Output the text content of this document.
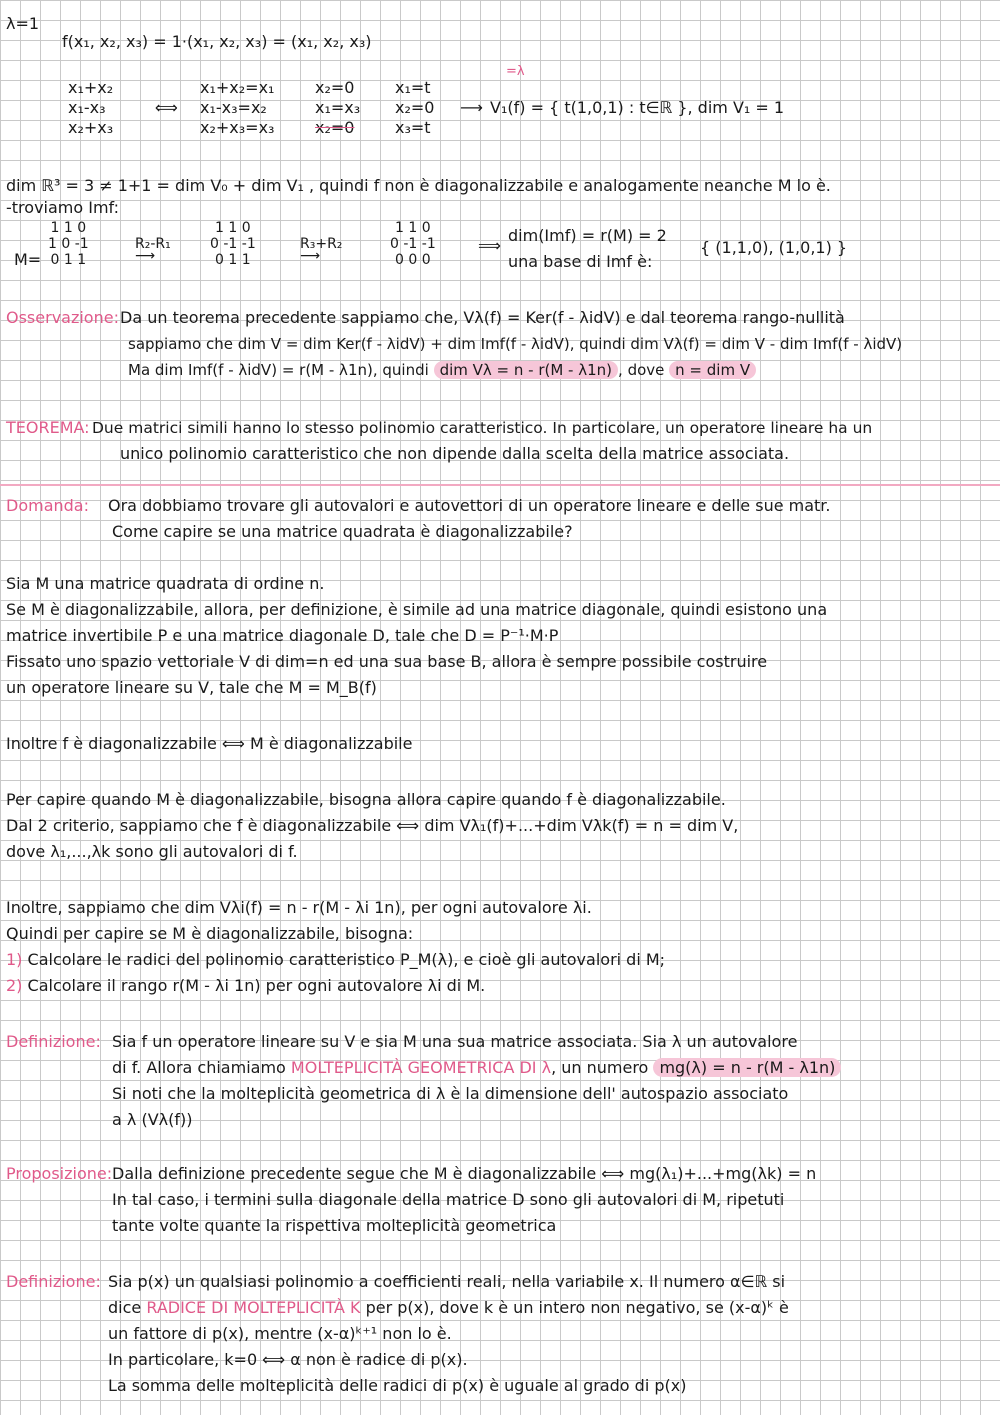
λ=1
f(x₁, x₂, x₃) = 1·(x₁, x₂, x₃) = (x₁, x₂, x₃)
x₁+x₂
x₁-x₃
x₂+x₃
⟺
x₁+x₂=x₁
x₁-x₃=x₂
x₂+x₃=x₃
x₂=0
x₁=x₃
x₂=0
x₁=t
x₂=0
x₃=t
⟶
=λ
V₁(f) = { t(1,0,1) : t∈ℝ }, dim V₁ = 1
dim ℝ³ = 3 ≠ 1+1 = dim V₀ + dim V₁ , quindi f non è diagonalizzabile e analogamente neanche M lo è.
-troviamo Imf:
M=
1 1 0
1 0 -1
0 1 1
R₂-R₁
⟶
1 1 0
0 -1 -1
0 1 1
R₃+R₂
⟶
1 1 0
0 -1 -1
0 0 0
⟹
dim(Imf) = r(M) = 2
una base di Imf è:
{ (1,1,0), (1,0,1) }
Osservazione: Da un teorema precedente sappiamo che, Vλ(f) = Ker(f - λidV) e dal teorema rango-nullità
sappiamo che dim V = dim Ker(f - λidV) + dim Imf(f - λidV), quindi dim Vλ(f) = dim V - dim Imf(f - λidV)
Ma dim Imf(f - λidV) = r(M - λ1n), quindi dim Vλ = n - r(M - λ1n) , dove n = dim V
TEOREMA: Due matrici simili hanno lo stesso polinomio caratteristico. In particolare, un operatore lineare ha un
unico polinomio caratteristico che non dipende dalla scelta della matrice associata.
Domanda: Ora dobbiamo trovare gli autovalori e autovettori di un operatore lineare e delle sue matr.
Come capire se una matrice quadrata è diagonalizzabile?
Sia M una matrice quadrata di ordine n.
Se M è diagonalizzabile, allora, per definizione, è simile ad una matrice diagonale, quindi esistono una
matrice invertibile P e una matrice diagonale D, tale che D = P⁻¹·M·P
Fissato uno spazio vettoriale V di dim=n ed una sua base B, allora è sempre possibile costruire
un operatore lineare su V, tale che M = M_B(f)
Inoltre f è diagonalizzabile ⟺ M è diagonalizzabile
Per capire quando M è diagonalizzabile, bisogna allora capire quando f è diagonalizzabile.
Dal 2 criterio, sappiamo che f è diagonalizzabile ⟺ dim Vλ₁(f)+...+dim Vλk(f) = n = dim V,
dove λ₁,...,λk sono gli autovalori di f.
Inoltre, sappiamo che dim Vλi(f) = n - r(M - λi 1n), per ogni autovalore λi.
Quindi per capire se M è diagonalizzabile, bisogna:
1) Calcolare le radici del polinomio caratteristico P_M(λ), e cioè gli autovalori di M;
2) Calcolare il rango r(M - λi 1n) per ogni autovalore λi di M.
Definizione: Sia f un operatore lineare su V e sia M una sua matrice associata. Sia λ un autovalore
di f. Allora chiamiamo MOLTEPLICITÀ GEOMETRICA DI λ, un numero mg(λ) = n - r(M - λ1n)
Si noti che la molteplicità geometrica di λ è la dimensione dell' autospazio associato
a λ (Vλ(f))
Proposizione: Dalla definizione precedente segue che M è diagonalizzabile ⟺ mg(λ₁)+...+mg(λk) = n
In tal caso, i termini sulla diagonale della matrice D sono gli autovalori di M, ripetuti
tante volte quante la rispettiva molteplicità geometrica
Definizione: Sia p(x) un qualsiasi polinomio a coefficienti reali, nella variabile x. Il numero α∈ℝ si
dice RADICE DI MOLTEPLICITÀ K per p(x), dove k è un intero non negativo, se (x-α)ᵏ è
un fattore di p(x), mentre (x-α)ᵏ⁺¹ non lo è.
In particolare, k=0 ⟺ α non è radice di p(x).
La somma delle molteplicità delle radici di p(x) è uguale al grado di p(x)
